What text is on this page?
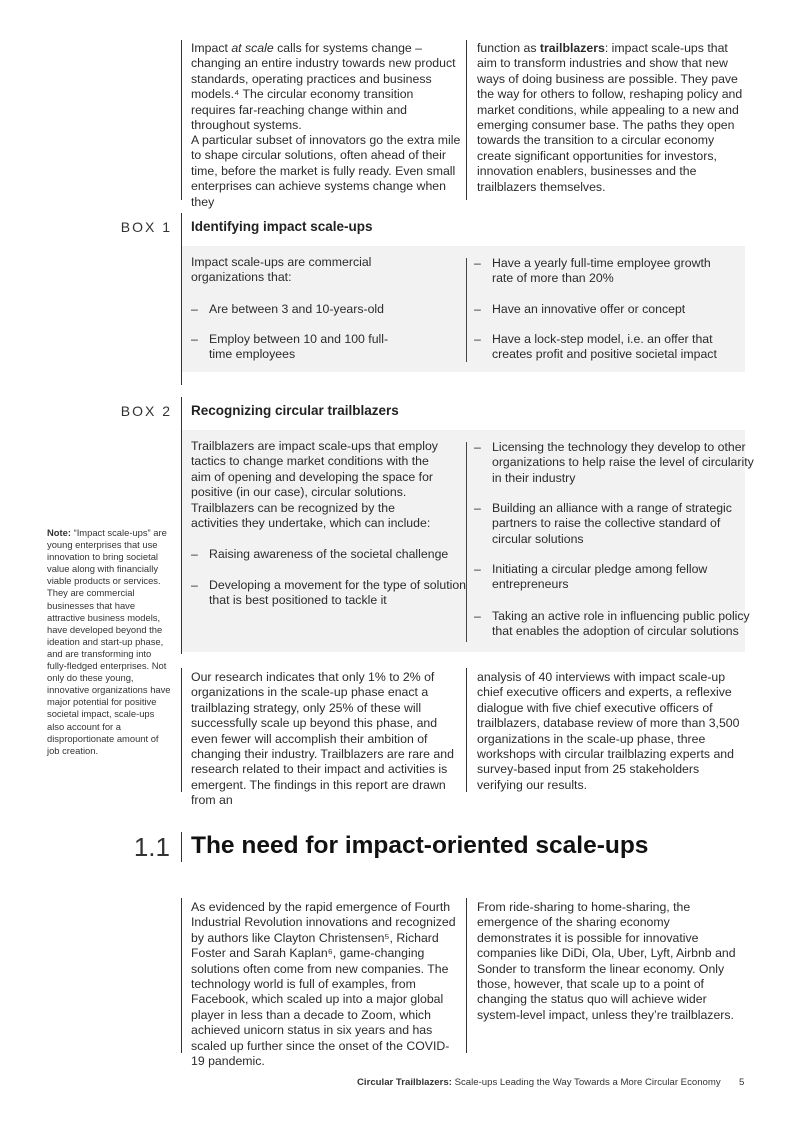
Impact at scale calls for systems change – changing an entire industry towards new product standards, operating practices and business models.⁴ The circular economy transition requires far-reaching change within and throughout systems.
A particular subset of innovators go the extra mile to shape circular solutions, often ahead of their time, before the market is fully ready. Even small enterprises can achieve systems change when they
function as trailblazers: impact scale-ups that aim to transform industries and show that new ways of doing business are possible. They pave the way for others to follow, reshaping policy and market conditions, while appealing to a new and emerging consumer base. The paths they open towards the transition to a circular economy create significant opportunities for investors, innovation enablers, businesses and the trailblazers themselves.
BOX 1 Identifying impact scale-ups
Impact scale-ups are commercial organizations that:
– Are between 3 and 10-years-old
– Employ between 10 and 100 full-time employees
– Have a yearly full-time employee growth rate of more than 20%
– Have an innovative offer or concept
– Have a lock-step model, i.e. an offer that creates profit and positive societal impact
BOX 2 Recognizing circular trailblazers
Trailblazers are impact scale-ups that employ tactics to change market conditions with the aim of opening and developing the space for positive (in our case), circular solutions. Trailblazers can be recognized by the activities they undertake, which can include:
– Raising awareness of the societal challenge
– Developing a movement for the type of solution that is best positioned to tackle it
– Licensing the technology they develop to other organizations to help raise the level of circularity in their industry
– Building an alliance with a range of strategic partners to raise the collective standard of circular solutions
– Initiating a circular pledge among fellow entrepreneurs
– Taking an active role in influencing public policy that enables the adoption of circular solutions
Note: “Impact scale-ups” are young enterprises that use innovation to bring societal value along with financially viable products or services. They are commercial businesses that have attractive business models, have developed beyond the ideation and start-up phase, and are transforming into fully-fledged enterprises. Not only do these young, innovative organizations have major potential for positive societal impact, scale-ups also account for a disproportionate amount of job creation.
Our research indicates that only 1% to 2% of organizations in the scale-up phase enact a trailblazing strategy, only 25% of these will successfully scale up beyond this phase, and even fewer will accomplish their ambition of changing their industry. Trailblazers are rare and research related to their impact and activities is emergent. The findings in this report are drawn from an
analysis of 40 interviews with impact scale-up chief executive officers and experts, a reflexive dialogue with five chief executive officers of trailblazers, database review of more than 3,500 organizations in the scale-up phase, three workshops with circular trailblazing experts and survey-based input from 25 stakeholders verifying our results.
1.1 The need for impact-oriented scale-ups
As evidenced by the rapid emergence of Fourth Industrial Revolution innovations and recognized by authors like Clayton Christensen⁵, Richard Foster and Sarah Kaplan⁶, game-changing solutions often come from new companies. The technology world is full of examples, from Facebook, which scaled up into a major global player in less than a decade to Zoom, which achieved unicorn status in six years and has scaled up further since the onset of the COVID-19 pandemic.
From ride-sharing to home-sharing, the emergence of the sharing economy demonstrates it is possible for innovative companies like DiDi, Ola, Uber, Lyft, Airbnb and Sonder to transform the linear economy. Only those, however, that scale up to a point of changing the status quo will achieve wider system-level impact, unless they’re trailblazers.
Circular Trailblazers: Scale-ups Leading the Way Towards a More Circular Economy 5
